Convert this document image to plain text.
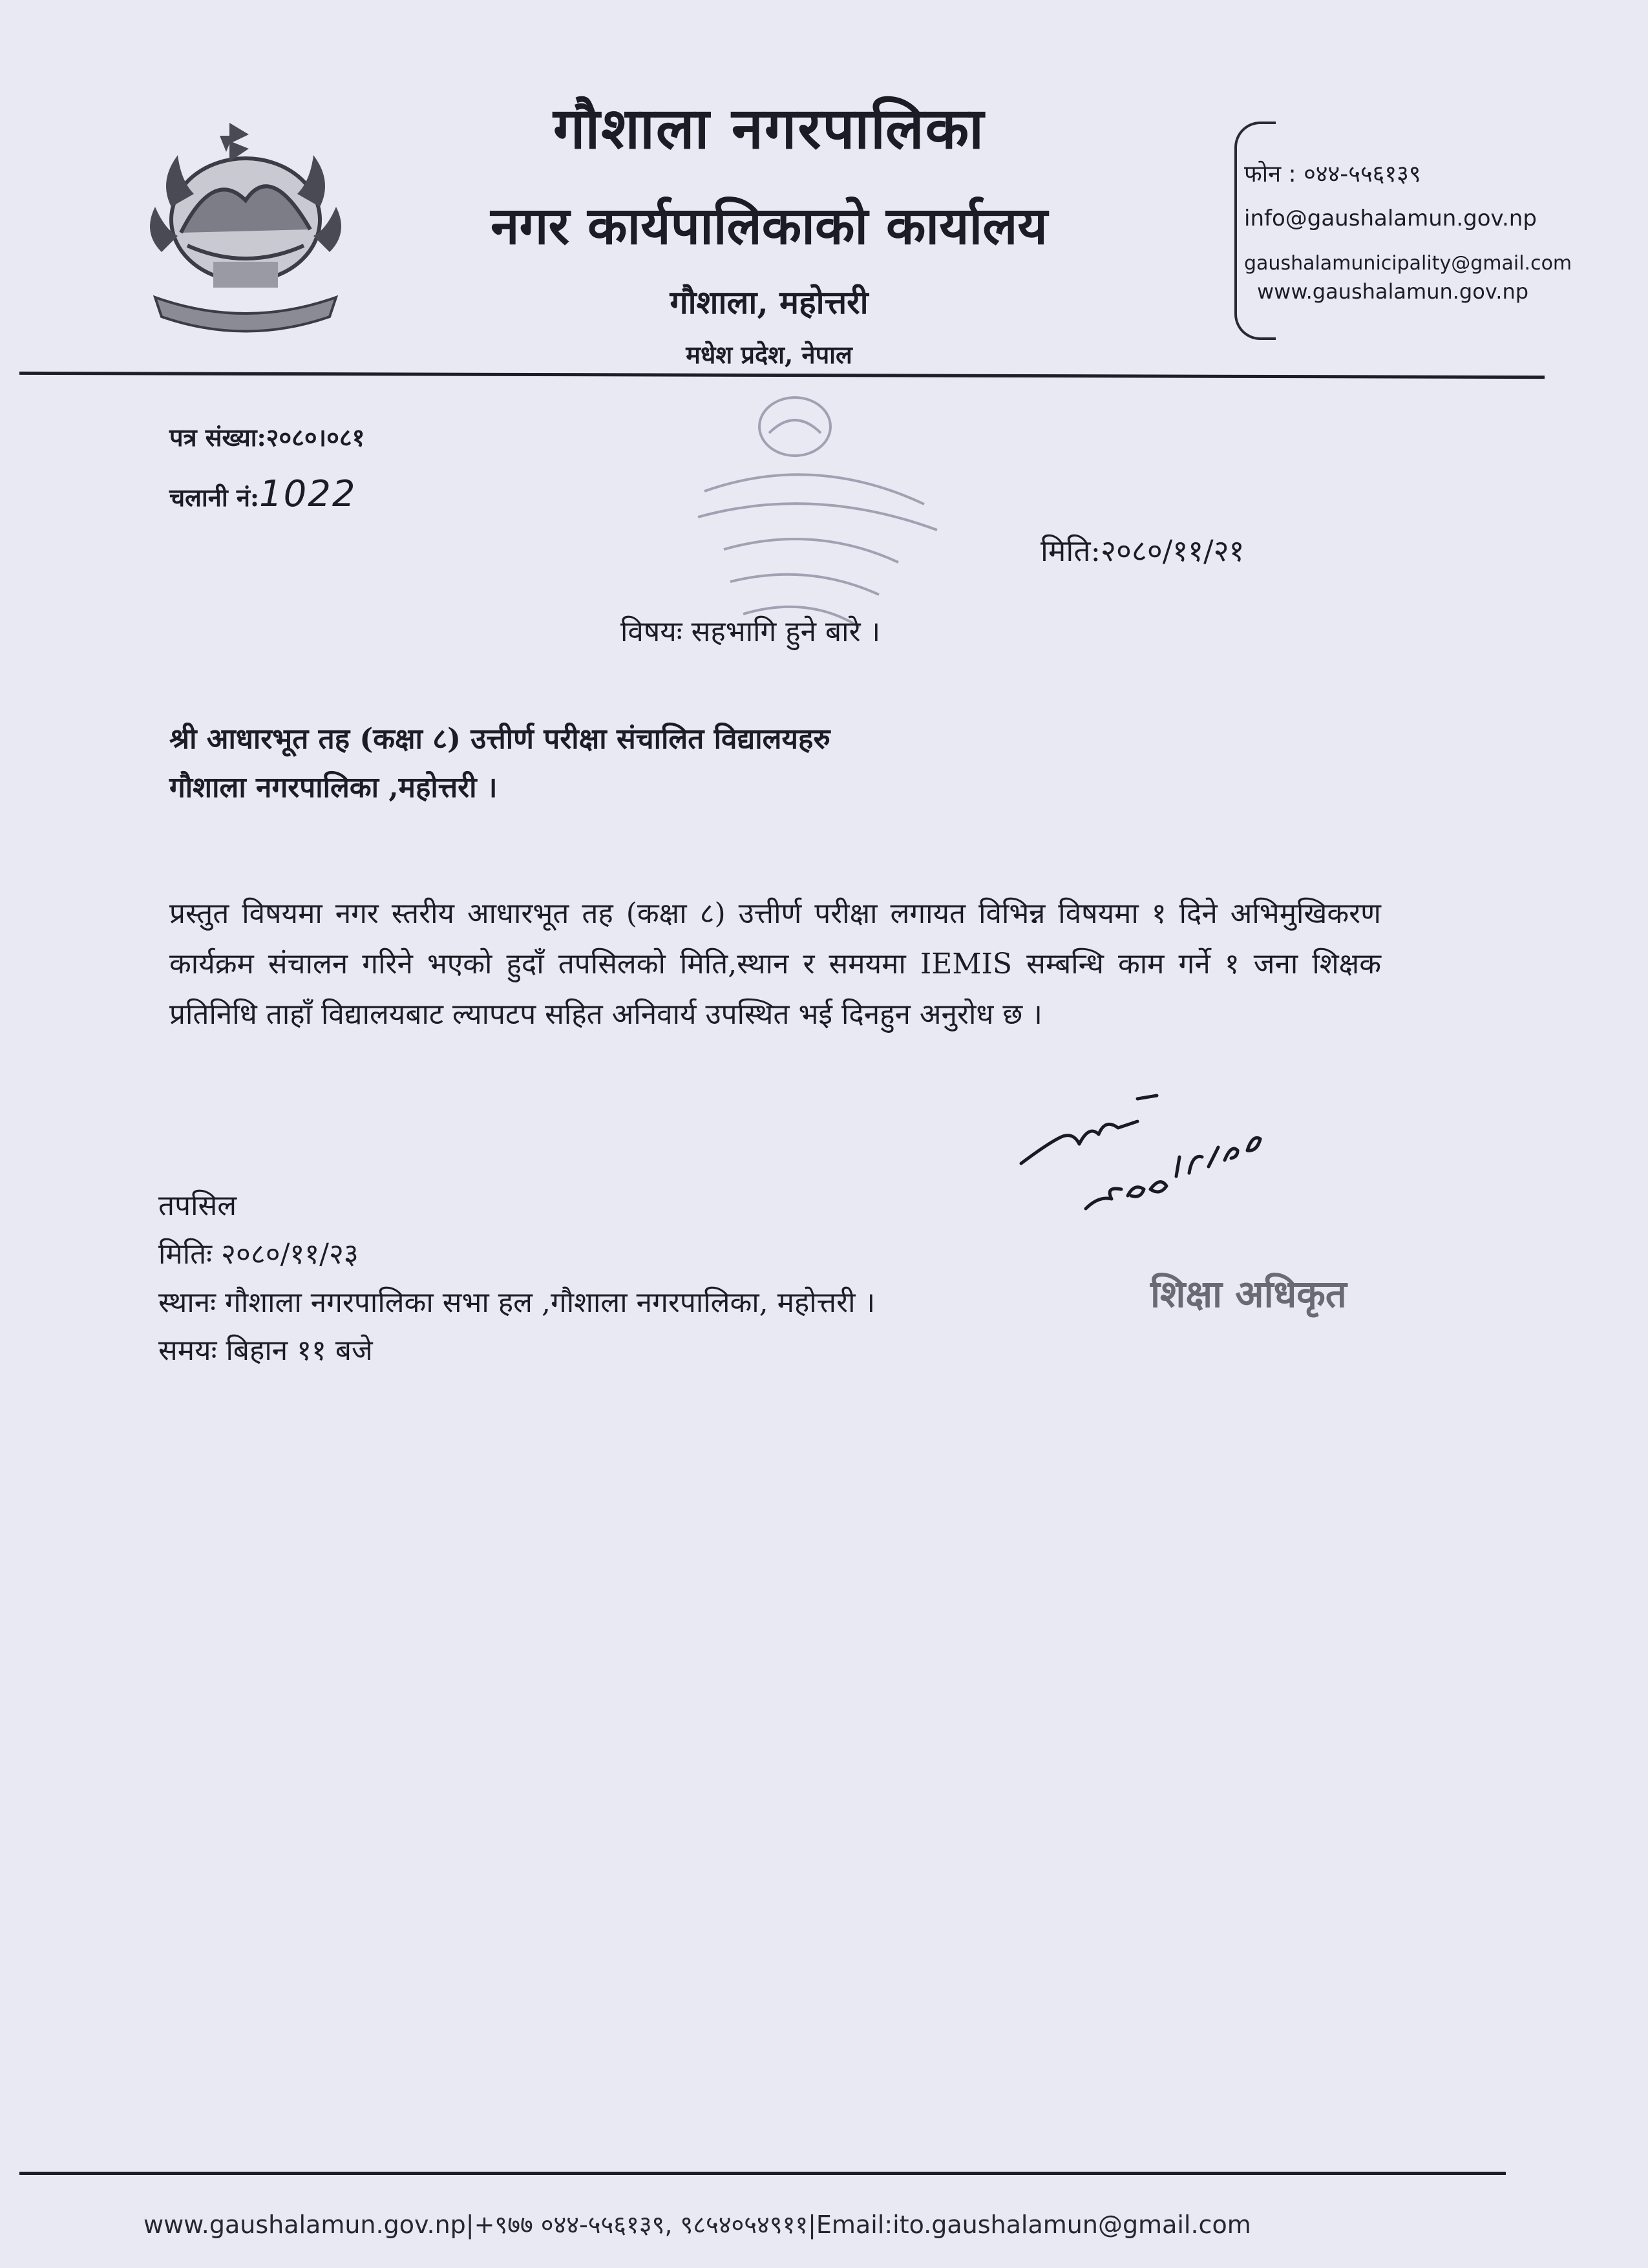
गौशाला नगरपालिका
नगर कार्यपालिकाको कार्यालय
गौशाला, महोत्तरी
मधेश प्रदेश, नेपाल
फोन : ०४४-५५६१३९
info@gaushalamun.gov.np
gaushalamunicipality@gmail.com
www.gaushalamun.gov.np
पत्र संख्या:२०८०।०८१
चलानी नं:1022
मिति:२०८०/११/२१
विषयः सहभागि हुने बारे ।
श्री आधारभूत तह (कक्षा ८) उत्तीर्ण परीक्षा संचालित विद्यालयहरु
गौशाला नगरपालिका ,महोत्तरी ।

प्रस्तुत विषयमा नगर स्तरीय आधारभूत तह (कक्षा ८) उत्तीर्ण परीक्षा लगायत विभिन्न विषयमा १ दिने अभिमुखिकरण कार्यक्रम संचालन गरिने भएको हुदाँ तपसिलको मिति,स्थान र समयमा IEMIS सम्बन्धि काम गर्ने १ जना शिक्षक प्रतिनिधि ताहाँ विद्यालयबाट ल्यापटप सहित अनिवार्य उपस्थित भई दिनहुन अनुरोध छ ।

तपसिल
मितिः २०८०/११/२३
स्थानः गौशाला नगरपालिका सभा हल ,गौशाला नगरपालिका, महोत्तरी ।
समयः बिहान ११ बजे
शिक्षा अधिकृत
www.gaushalamun.gov.np|+९७७ ०४४-५५६१३९, ९८५४०५४९११|Email:ito.gaushalamun@gmail.com
